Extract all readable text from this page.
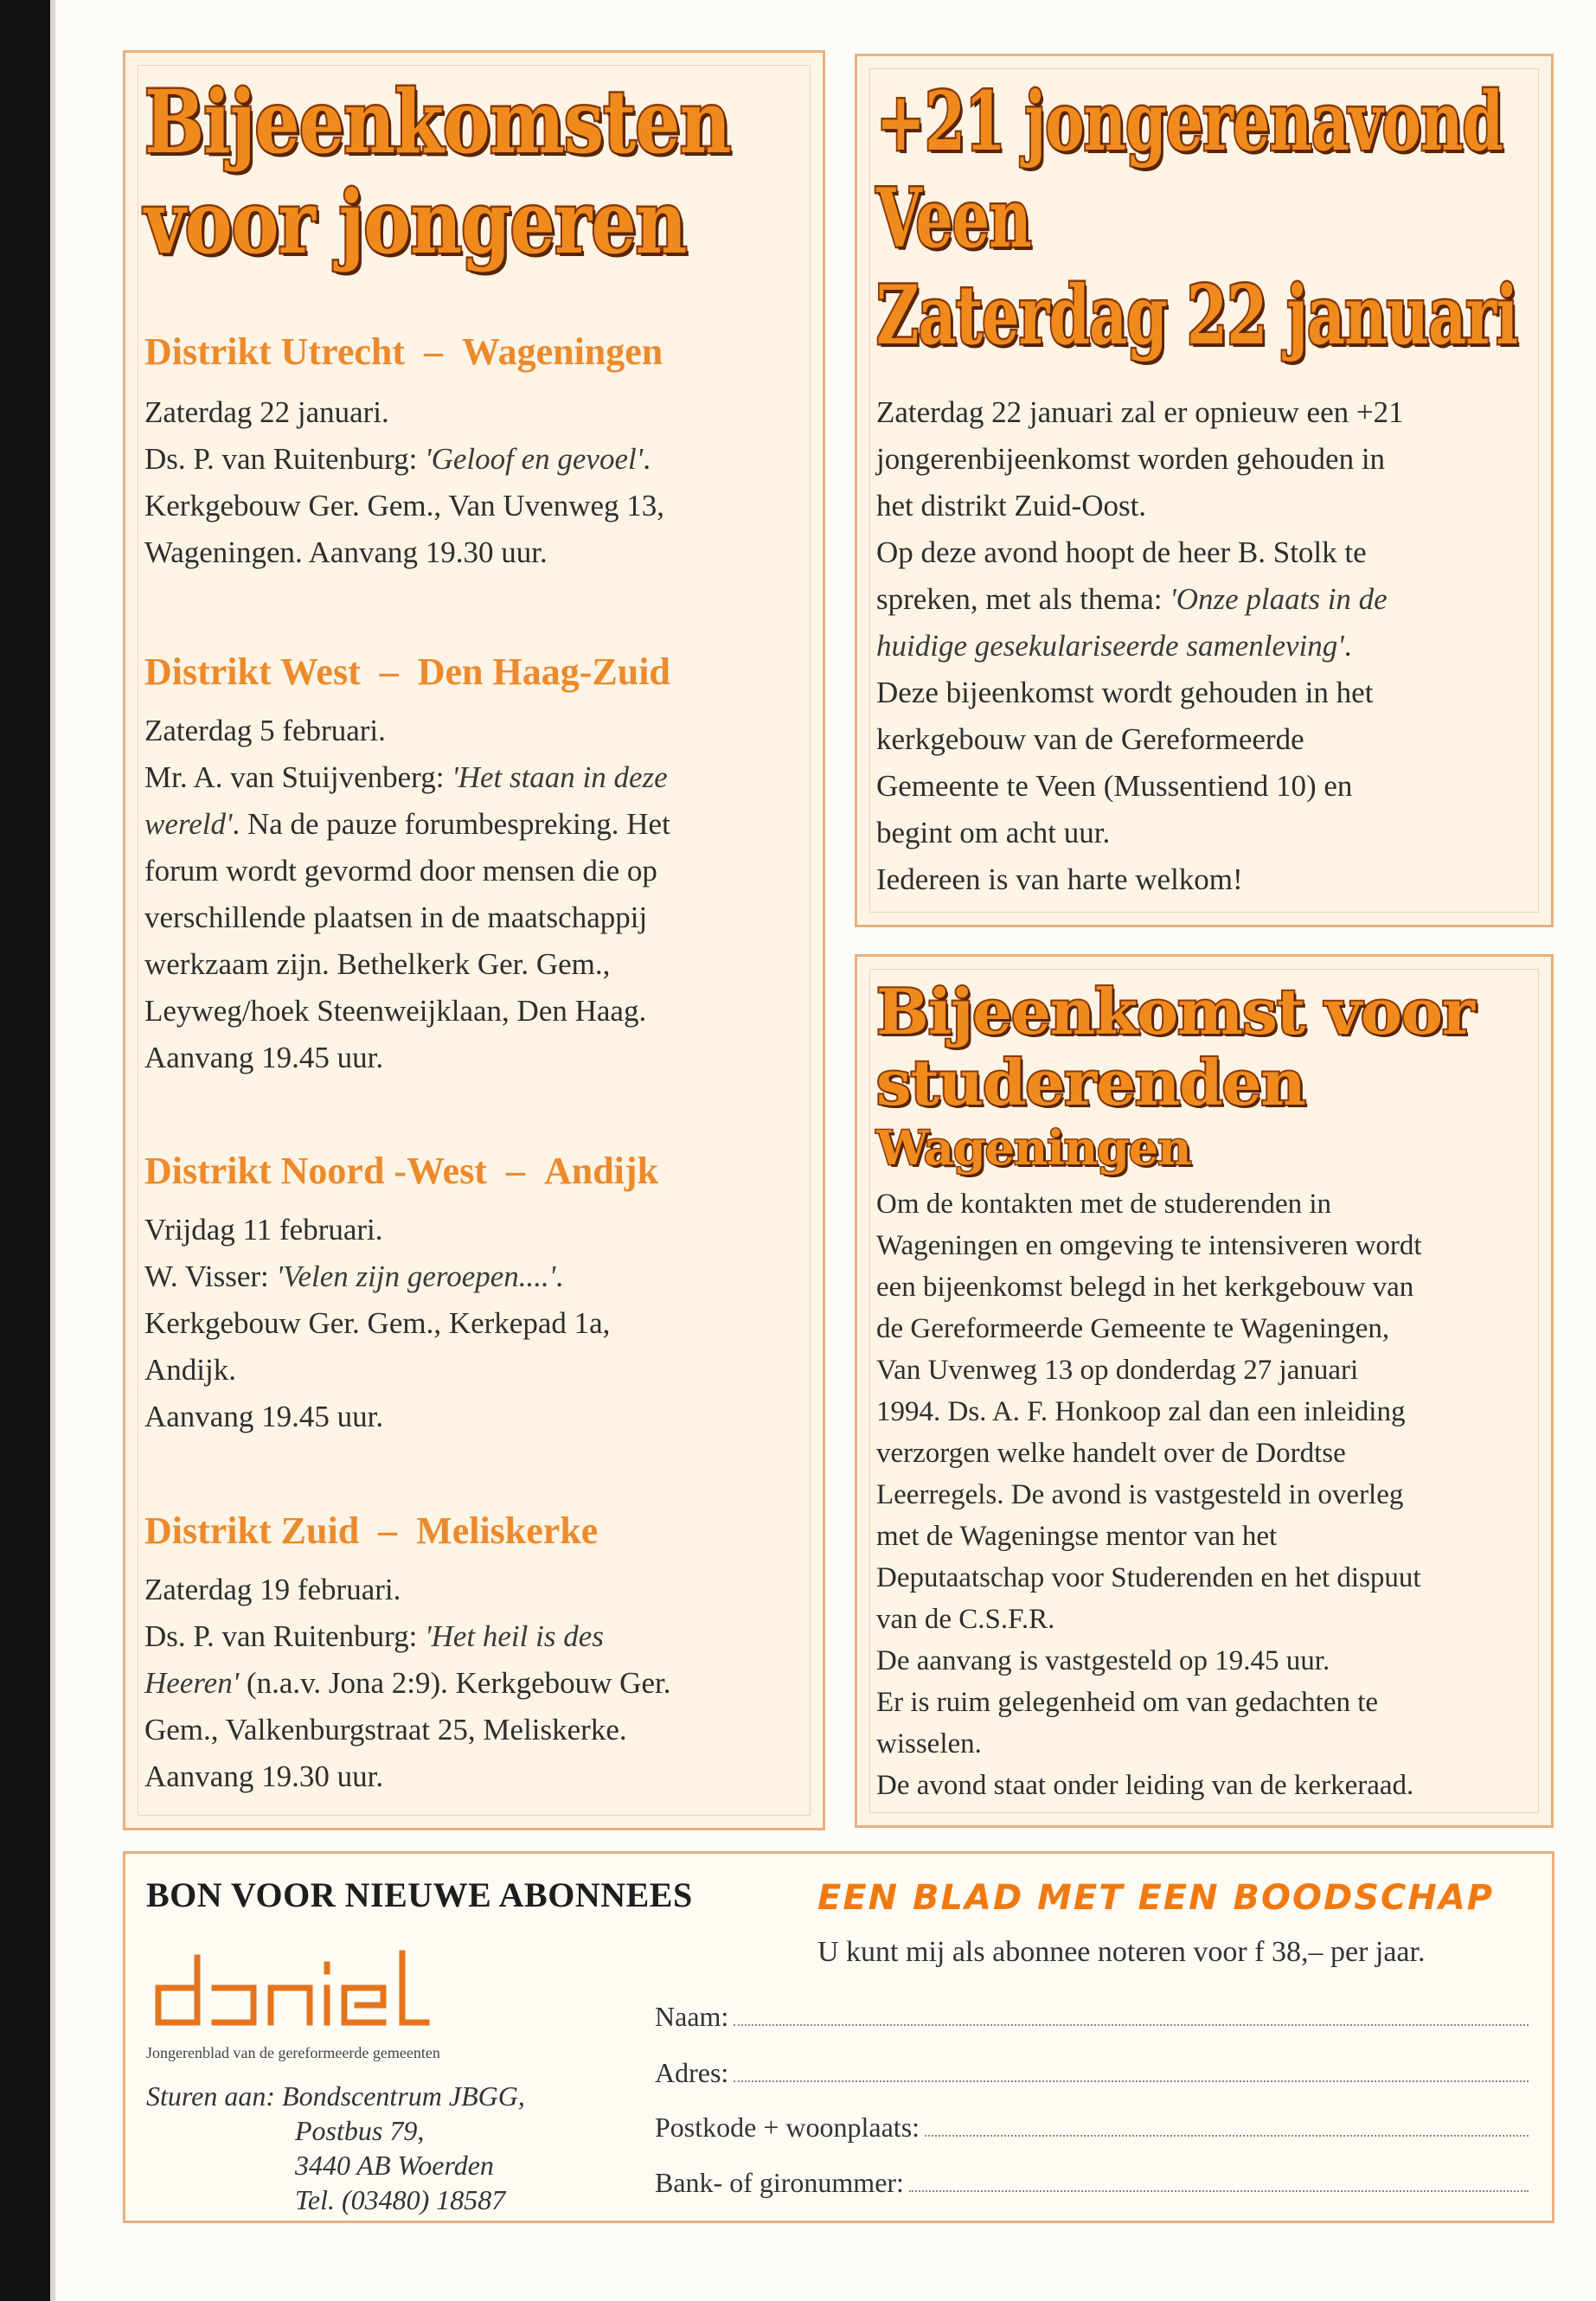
Bijeenkomsten
voor jongeren

Distrikt Utrecht – Wageningen

Zaterdag 22 januari.

Ds. P. van Ruitenburg: 'Geloof en gevoel'.

Kerkgebouw Ger. Gem., Van Uvenweg 13,

Wageningen. Aanvang 19.30 uur.

Distrikt West – Den Haag-Zuid

Zaterdag 5 februari.

Mr. A. van Stuijvenberg: 'Het staan in deze

wereld'. Na de pauze forumbespreking. Het

forum wordt gevormd door mensen die op

verschillende plaatsen in de maatschappij

werkzaam zijn. Bethelkerk Ger. Gem.,

Leyweg/hoek Steenweijklaan, Den Haag.

Aanvang 19.45 uur.

Distrikt Noord -West – Andijk

Vrijdag 11 februari.

W. Visser: 'Velen zijn geroepen....'.

Kerkgebouw Ger. Gem., Kerkepad 1a,

Andijk.

Aanvang 19.45 uur.

Distrikt Zuid – Meliskerke

Zaterdag 19 februari.

Ds. P. van Ruitenburg: 'Het heil is des

Heeren' (n.a.v. Jona 2:9). Kerkgebouw Ger.

Gem., Valkenburgstraat 25, Meliskerke.

Aanvang 19.30 uur.

+21 jongerenavond
Veen
Zaterdag 22 januari

Zaterdag 22 januari zal er opnieuw een +21

jongerenbijeenkomst worden gehouden in

het distrikt Zuid-Oost.

Op deze avond hoopt de heer B. Stolk te

spreken, met als thema: 'Onze plaats in de

huidige gesekulariseerde samenleving'.

Deze bijeenkomst wordt gehouden in het

kerkgebouw van de Gereformeerde

Gemeente te Veen (Mussentiend 10) en

begint om acht uur.

Iedereen is van harte welkom!

Bijeenkomst voor
studerenden
Wageningen

Om de kontakten met de studerenden in

Wageningen en omgeving te intensiveren wordt

een bijeenkomst belegd in het kerkgebouw van

de Gereformeerde Gemeente te Wageningen,

Van Uvenweg 13 op donderdag 27 januari

1994. Ds. A. F. Honkoop zal dan een inleiding

verzorgen welke handelt over de Dordtse

Leerregels. De avond is vastgesteld in overleg

met de Wageningse mentor van het

Deputaatschap voor Studerenden en het dispuut

van de C.S.F.R.

De aanvang is vastgesteld op 19.45 uur.

Er is ruim gelegenheid om van gedachten te

wisselen.

De avond staat onder leiding van de kerkeraad.

BON VOOR NIEUWE ABONNEES
Jongerenblad van de gereformeerde gemeenten
Sturen aan: Bondscentrum JBGG,
Postbus 79,
3440 AB Woerden
Tel. (03480) 18587
EEN BLAD MET EEN BOODSCHAP
U kunt mij als abonnee noteren voor f 38,– per jaar.
Naam:
Adres:
Postkode + woonplaats:
Bank- of gironummer:
